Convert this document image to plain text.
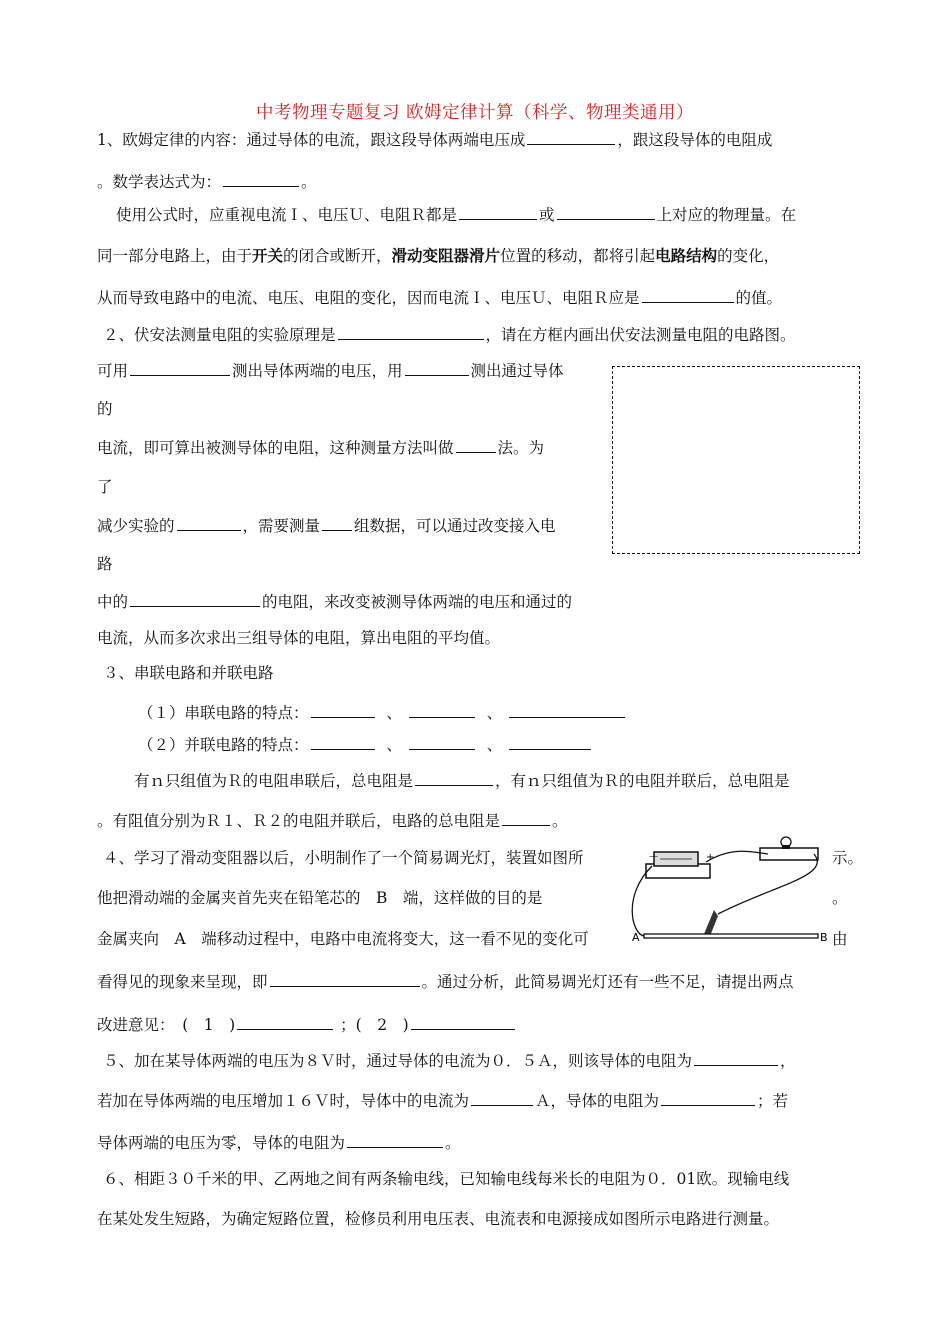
中考物理专题复习 欧姆定律计算（科学、物理类通用）
1、欧姆定律的内容：通过导体的电流，跟这段导体两端电压成	，跟这段导体的电阻成
。数学表达式为：	。
使用公式时，应重视电流Ｉ、电压Ｕ、电阻Ｒ都是	或	上对应的物理量。在
同一部分电路上，由于开关的闭合或断开，滑动变阻器滑片位置的移动，都将引起电路结构的变化，
从而导致电路中的电流、电压、电阻的变化，因而电流Ｉ、电压Ｕ、电阻Ｒ应是	的值。
２、伏安法测量电阻的实验原理是	，请在方框内画出伏安法测量电阻的电路图。
可用	测出导体两端的电压，用	测出通过导体
的
电流，即可算出被测导体的电阻，这种测量方法叫做	法。为
了
减少实验的	，需要测量 组数据，可以通过改变接入电
路
中的	的电阻，来改变被测导体两端的电压和通过的
电流，从而多次求出三组导体的电阻，算出电阻的平均值。
３、串联电路和并联电路
（１）串联电路的特点：	、	、
（２）并联电路的特点：	、	、
有ｎ只组值为Ｒ的电阻串联后，总电阻是	，有ｎ只组值为Ｒ的电阻并联后，总电阻是
。有阻值分别为Ｒ１、Ｒ２的电阻并联后，电路的总电阻是	。
４、学习了滑动变阻器以后，小明制作了一个简易调光灯，装置如图所	示。
他把滑动端的金属夹首先夹在铅笔芯的　B　端，这样做的目的是	。
金属夹向　A　端移动过程中，电路中电流将变大，这一看不见的变化可	由
看得见的现象来呈现，即	。通过分析，此简易调光灯还有一些不足，请提出两点
改进意见：　(　1　)	；(　2　)
－	+
A	B
５、加在某导体两端的电压为８Ｖ时，通过导体的电流为０．５Ａ，则该导体的电阻为	，
若加在导体两端的电压增加１６Ｖ时，导体中的电流为	Ａ，导体的电阻为	；若
导体两端的电压为零，导体的电阻为	。
６、相距３０千米的甲、乙两地之间有两条输电线，已知输电线每米长的电阻为０．01欧。现输电线
在某处发生短路，为确定短路位置，检修员利用电压表、电流表和电源接成如图所示电路进行测量。
